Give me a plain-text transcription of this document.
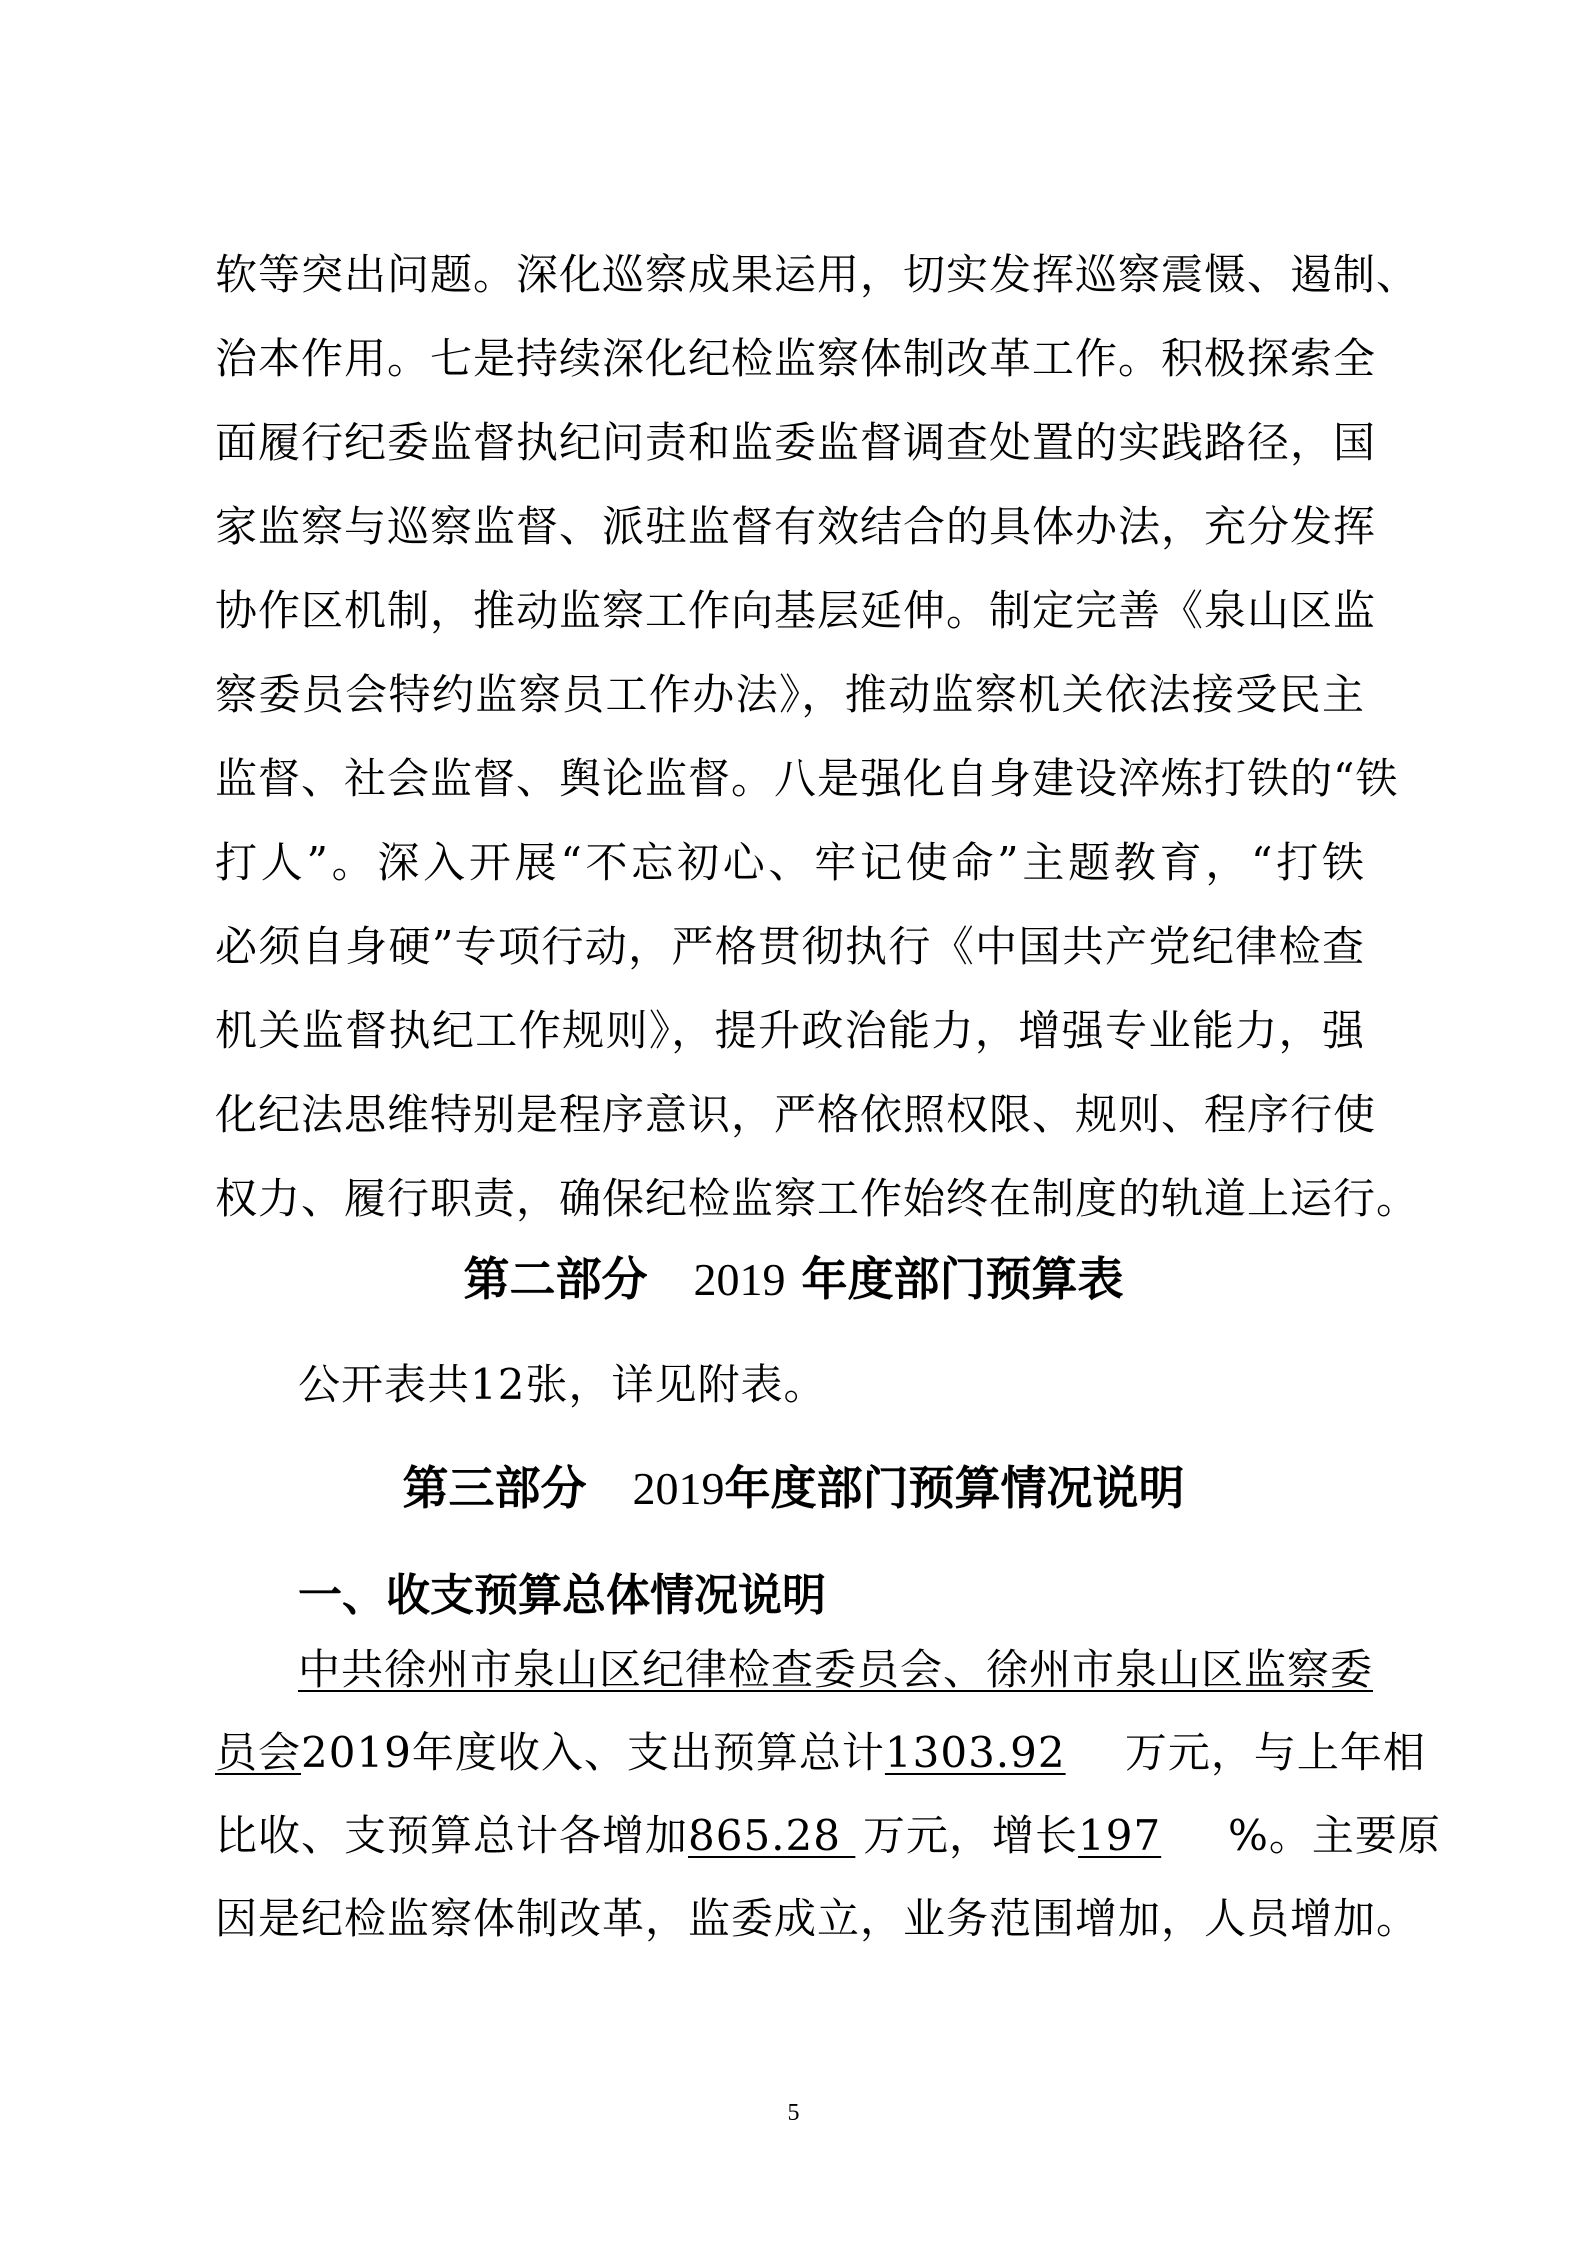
软等突出问题。深化巡察成果运用，切实发挥巡察震慑、遏制、
治本作用。七是持续深化纪检监察体制改革工作。积极探索全
面履行纪委监督执纪问责和监委监督调查处置的实践路径，国
家监察与巡察监督、派驻监督有效结合的具体办法，充分发挥
协作区机制，推动监察工作向基层延伸。制定完善《泉山区监
察委员会特约监察员工作办法》，推动监察机关依法接受民主
监督、社会监督、舆论监督。八是强化自身建设淬炼打铁的“铁
打人”。深入开展“不忘初心、牢记使命”主题教育，“打铁
必须自身硬”专项行动，严格贯彻执行《中国共产党纪律检查
机关监督执纪工作规则》，提升政治能力，增强专业能力，强
化纪法思维特别是程序意识，严格依照权限、规则、程序行使
权力、履行职责，确保纪检监察工作始终在制度的轨道上运行。
第二部分  2019 年度部门预算表
公开表共12张，详见附表。
第三部分  2019年度部门预算情况说明
一、收支预算总体情况说明
中共徐州市泉山区纪律检查委员会、徐州市泉山区监察委
员会2019年度收入、支出预算总计1303.92 万元，与上年相
比收、支预算总计各增加865.28 万元，增长197 %。主要原
因是纪检监察体制改革，监委成立，业务范围增加，人员增加。
5
